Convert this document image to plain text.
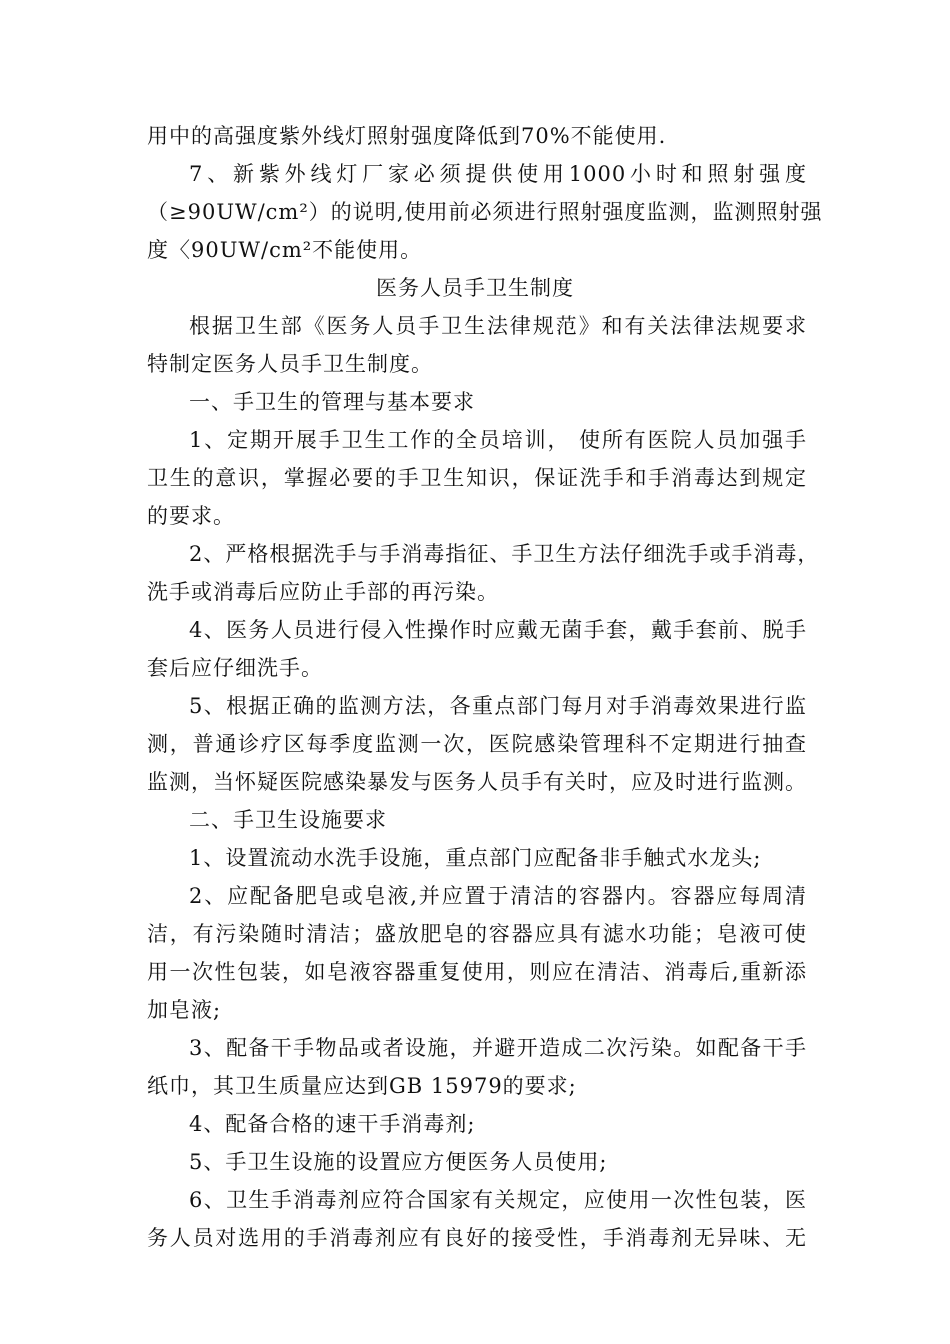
用中的高强度紫外线灯照射强度降低到70%不能使用.
7、新紫外线灯厂家必须提供使用1000小时和照射强度
（≥90UW/cm²）的说明,使用前必须进行照射强度监测，监测照射强
度〈90UW/cm²不能使用。
医务人员手卫生制度
根据卫生部《医务人员手卫生法律规范》和有关法律法规要求
特制定医务人员手卫生制度。
一、手卫生的管理与基本要求
1、定期开展手卫生工作的全员培训， 使所有医院人员加强手
卫生的意识，掌握必要的手卫生知识，保证洗手和手消毒达到规定
的要求。
2、严格根据洗手与手消毒指征、手卫生方法仔细洗手或手消毒，
洗手或消毒后应防止手部的再污染。
4、医务人员进行侵入性操作时应戴无菌手套，戴手套前、脱手
套后应仔细洗手。
5、根据正确的监测方法，各重点部门每月对手消毒效果进行监
测，普通诊疗区每季度监测一次，医院感染管理科不定期进行抽查
监测，当怀疑医院感染暴发与医务人员手有关时，应及时进行监测。
二、手卫生设施要求
1、设置流动水洗手设施，重点部门应配备非手触式水龙头;
2、应配备肥皂或皂液,并应置于清洁的容器内。容器应每周清
洁，有污染随时清洁；盛放肥皂的容器应具有滤水功能；皂液可使
用一次性包装，如皂液容器重复使用，则应在清洁、消毒后,重新添
加皂液;
3、配备干手物品或者设施，并避开造成二次污染。如配备干手
纸巾，其卫生质量应达到GB 15979的要求;
4、配备合格的速干手消毒剂;
5、手卫生设施的设置应方便医务人员使用;
6、卫生手消毒剂应符合国家有关规定，应使用一次性包装，医
务人员对选用的手消毒剂应有良好的接受性，手消毒剂无异味、无
